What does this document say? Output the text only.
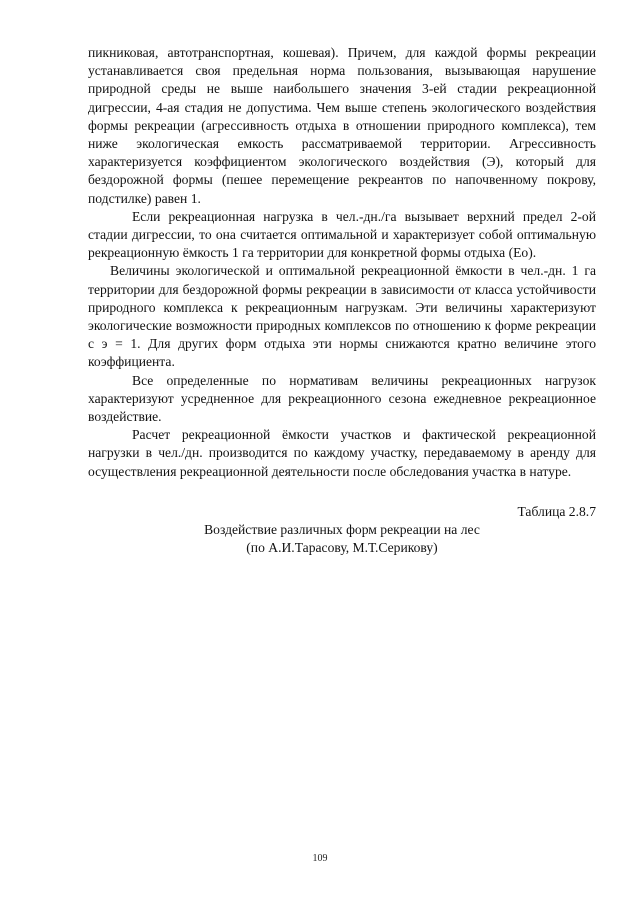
пикниковая, автотранспортная, кошевая). Причем, для каждой формы рекреации устанавливается своя предельная норма пользования, вызывающая нарушение природной среды не выше наибольшего значения 3-ей стадии рекреационной дигрессии, 4-ая стадия не допустима. Чем выше степень экологического воздействия формы рекреации (агрессивность отдыха в отношении природного комплекса), тем ниже экологическая емкость рассматриваемой территории. Агрессивность характеризуется коэффициентом экологического воздействия (Э), который для бездорожной формы (пешее перемещение рекреантов по напочвенному покрову, подстилке) равен 1.

Если рекреационная нагрузка в чел.-дн./га вызывает верхний предел 2-ой стадии дигрессии, то она считается оптимальной и характеризует собой оптимальную рекреационную ёмкость 1 га территории для конкретной формы отдыха (Ео).

Величины экологической и оптимальной рекреационной ёмкости в чел.-дн. 1 га территории для бездорожной формы рекреации в зависимости от класса устойчивости природного комплекса к рекреационным нагрузкам. Эти величины характеризуют экологические возможности природных комплексов по отношению к форме рекреации с э = 1. Для других форм отдыха эти нормы снижаются кратно величине этого коэффициента.

Все определенные по нормативам величины рекреационных нагрузок характеризуют усредненное для рекреационного сезона ежедневное рекреационное воздействие.

Расчет рекреационной ёмкости участков и фактической рекреационной нагрузки в чел./дн. производится по каждому участку, передаваемому в аренду для осуществления рекреационной деятельности после обследования участка в натуре.

Таблица 2.8.7
Воздействие различных форм рекреации на лес
(по А.И.Тарасову, М.Т.Серикову)
109
